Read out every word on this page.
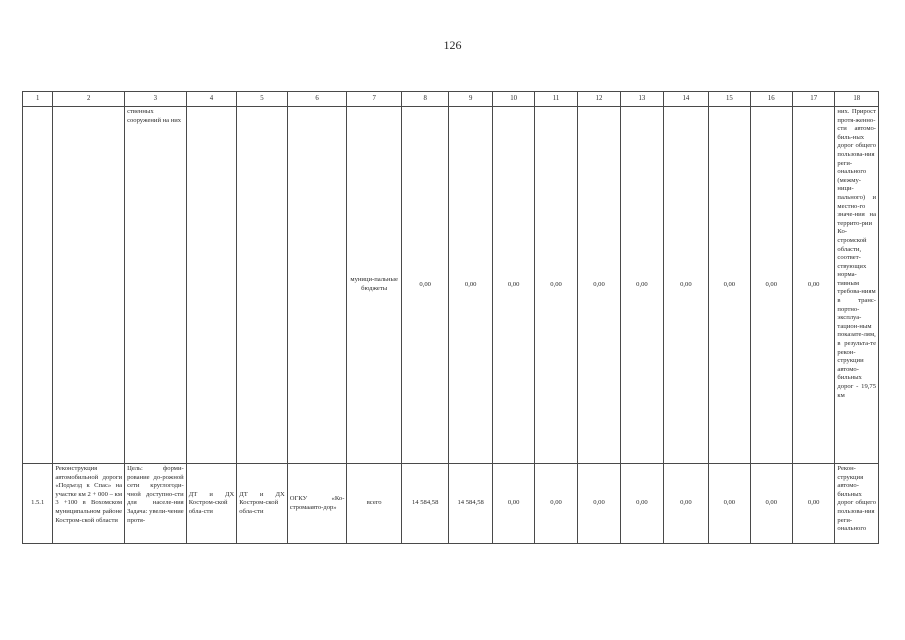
126
1	2	3	4	5	6	7	8	9	10	11	12	13	14	15	16	17	18
		ственных сооружений на них				муници-пальные бюджеты	0,00	0,00	0,00	0,00	0,00	0,00	0,00	0,00	0,00	0,00	ниx. Прирост протя-женно-сти автомо-биль-ных дорог общего пользова-ния реги-онального (межму-ници-пального) и местно-го значе-ния на террито-рии Ко-стромской области, соответ-ствующих норма-тивным требова-ниям в транс-портно-эксплуа-тацион-ным показате-лям, в результа-те рекон-струкции автомо-бильных дорог - 19,75 км
1.5.1	Реконструкция автомобильной дороги «Подъезд к Спас» на участке км 2 + 000 – км 3 +100 в Вохомском муниципальном районе Костром-ской области	Цель: форми-рование до-рожной сети круглогоди-чной доступно-сти для населе-ния Задача: увели-чение протя-	ДТ и ДХ Костром-ской обла-сти	ДТ и ДХ Костром-ской обла-сти	ОГКУ «Ко-стромаавто-дор»	всего	14 584,58	14 584,58	0,00	0,00	0,00	0,00	0,00	0,00	0,00	0,00	Рекон-струкция автомо-бильных дорог общего пользова-ния реги-онального
